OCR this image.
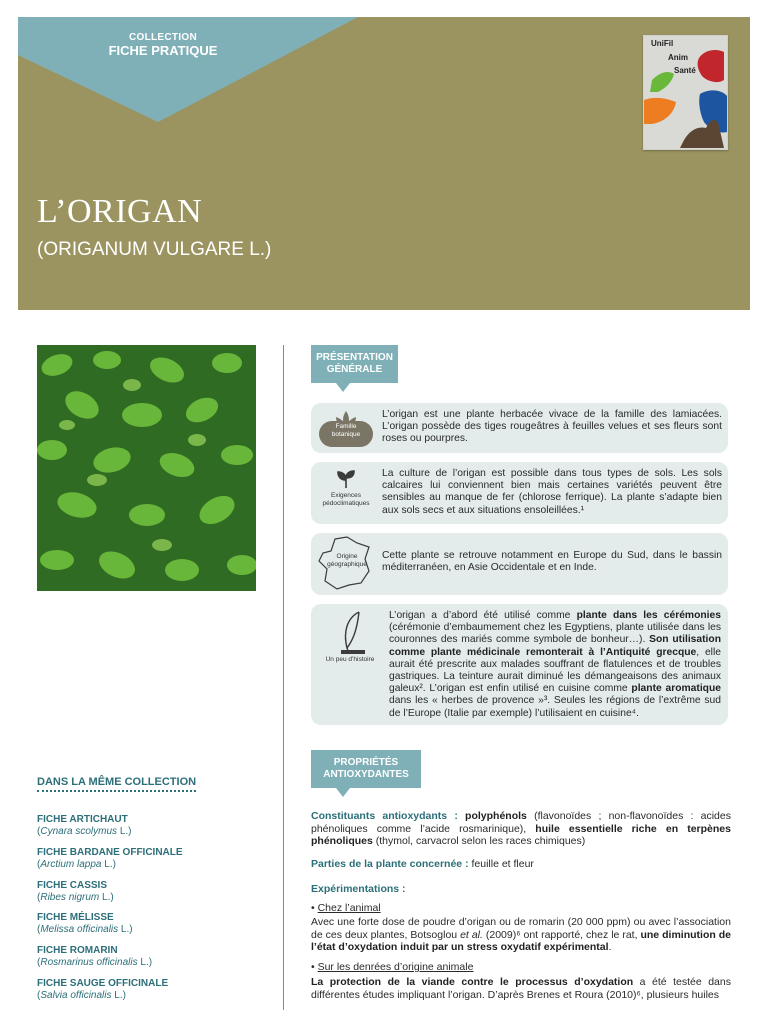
COLLECTION
FICHE PRATIQUE	UniFil
Anim
Santé
L’ORIGAN
(ORIGANUM VULGARE L.)
DANS LA MÊME COLLECTION
FICHE ARTICHAUT
(Cynara scolymus L.)
FICHE BARDANE OFFICINALE
(Arctium lappa L.)
FICHE CASSIS
(Ribes nigrum L.)
FICHE MÉLISSE
(Melissa officinalis L.)
FICHE ROMARIN
(Rosmarinus officinalis L.)
FICHE SAUGE OFFICINALE
(Salvia officinalis L.)
PRÉSENTATION
GÉNÉRALE
Famille
botanique
L’origan est une plante herbacée vivace de la famille des lamiacées. L’origan possède des tiges rougeâtres à feuilles velues et ses fleurs sont roses ou pourpres.
Exigences
pédoclimatiques
La culture de l’origan est possible dans tous types de sols. Les sols calcaires lui conviennent bien mais certaines variétés peuvent être sensibles au manque de fer (chlorose ferrique). La plante s’adapte bien aux sols secs et aux situations ensoleillées.¹
Origine
géographique
Cette plante se retrouve notamment en Europe du Sud, dans le bassin méditerranéen, en Asie Occidentale et en Inde.
Un peu d’histoire
L’origan a d’abord été utilisé comme plante dans les cérémonies (cérémonie d’embaumement chez les Egyptiens, plante utilisée dans les couronnes des mariés comme symbole de bonheur…). Son utilisation comme plante médicinale remonterait à l’Antiquité grecque, elle aurait été prescrite aux malades souffrant de flatulences et de troubles gastriques. La teinture aurait diminué les démangeaisons des animaux galeux². L’origan est enfin utilisé en cuisine comme plante aromatique dans les « herbes de provence »³. Seules les régions de l’extrême sud de l’Europe (Italie par exemple) l’utilisaient en cuisine⁴.
PROPRIÉTÉS
ANTIOXYDANTES
Constituants antioxydants : polyphénols (flavonoïdes ; non-flavonoïdes : acides phénoliques comme l’acide rosmarinique), huile essentielle riche en terpènes phénoliques (thymol, carvacrol selon les races chimiques)
Parties de la plante concernée : feuille et fleur
Expérimentations :
• Chez l’animal
Avec une forte dose de poudre d’origan ou de romarin (20 000 ppm) ou avec l’association de ces deux plantes, Botsoglou et al. (2009)⁶ ont rapporté, chez le rat, une diminution de l’état d’oxydation induit par un stress oxydatif expérimental.
• Sur les denrées d’origine animale
La protection de la viande contre le processus d’oxydation a été testée dans différentes études impliquant l’origan. D’après Brenes et Roura (2010)⁶, plusieurs huiles
